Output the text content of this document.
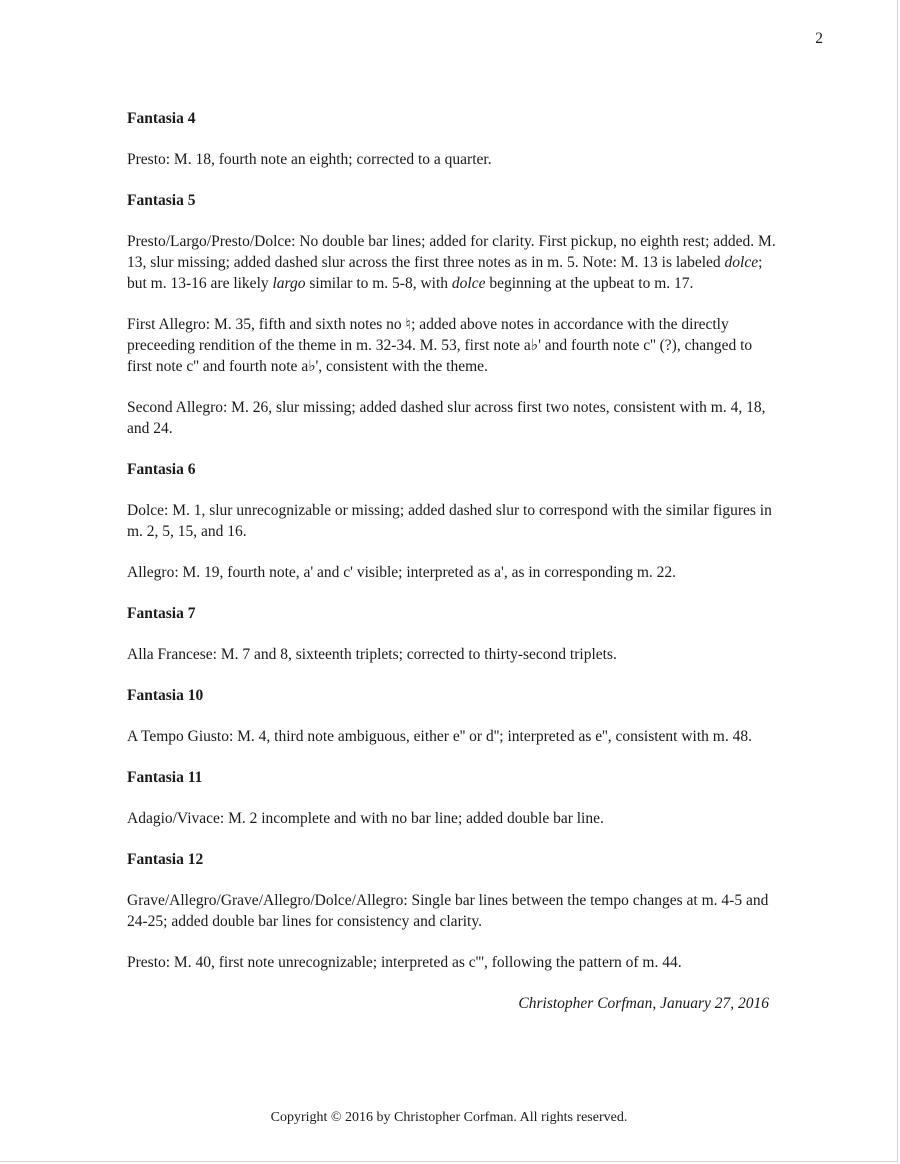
2
Fantasia 4

Presto: M. 18, fourth note an eighth; corrected to a quarter.

Fantasia 5

Presto/Largo/Presto/Dolce: No double bar lines; added for clarity. First pickup, no eighth rest; added. M. 13, slur missing; added dashed slur across the first three notes as in m. 5. Note: M. 13 is labeled dolce; but m. 13-16 are likely largo similar to m. 5-8, with dolce beginning at the upbeat to m. 17.

First Allegro: M. 35, fifth and sixth notes no ♮; added above notes in accordance with the directly preceeding rendition of the theme in m. 32-34. M. 53, first note a♭' and fourth note c'' (?), changed to first note c'' and fourth note a♭', consistent with the theme.

Second Allegro: M. 26, slur missing; added dashed slur across first two notes, consistent with m. 4, 18, and 24.

Fantasia 6

Dolce: M. 1, slur unrecognizable or missing; added dashed slur to correspond with the similar figures in m. 2, 5, 15, and 16.

Allegro: M. 19, fourth note, a' and c' visible; interpreted as a', as in corresponding m. 22.

Fantasia 7

Alla Francese: M. 7 and 8, sixteenth triplets; corrected to thirty-second triplets.

Fantasia 10

A Tempo Giusto: M. 4, third note ambiguous, either e'' or d''; interpreted as e'', consistent with m. 48.

Fantasia 11

Adagio/Vivace: M. 2 incomplete and with no bar line; added double bar line.

Fantasia 12

Grave/Allegro/Grave/Allegro/Dolce/Allegro: Single bar lines between the tempo changes at m. 4-5 and 24-25; added double bar lines for consistency and clarity.

Presto: M. 40, first note unrecognizable; interpreted as c''', following the pattern of m. 44.

Christopher Corfman, January 27, 2016
Copyright © 2016 by Christopher Corfman. All rights reserved.
